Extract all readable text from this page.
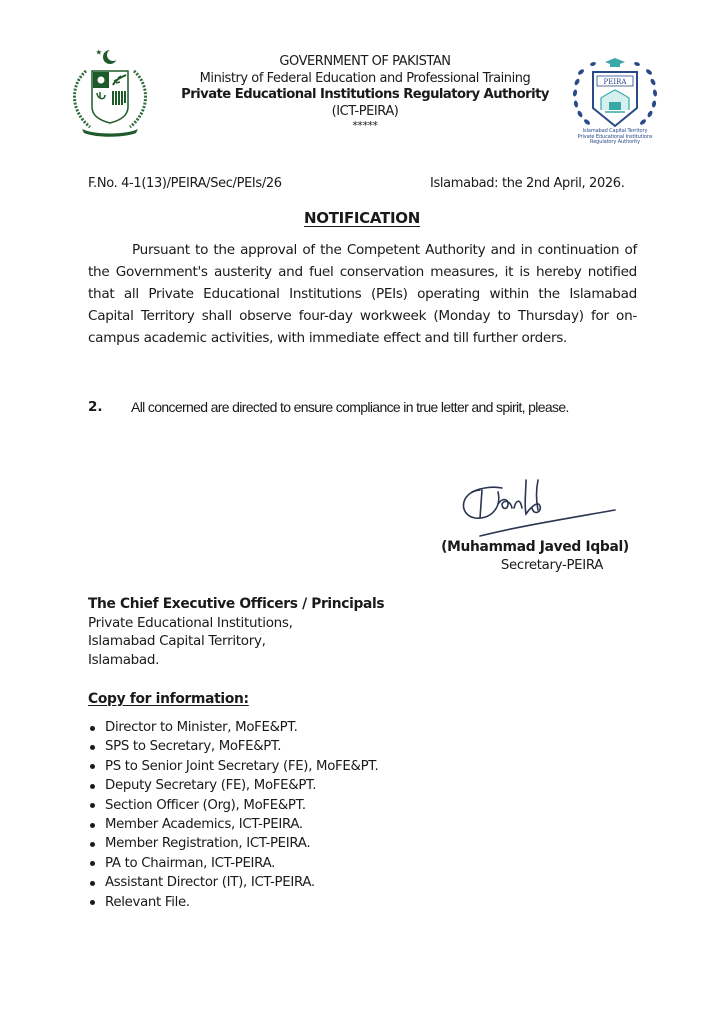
GOVERNMENT OF PAKISTAN
Ministry of Federal Education and Professional Training
Private Educational Institutions Regulatory Authority
(ICT-PEIRA)
*****
PEIRA
Islamabad Capital Territory
Private Educational Institutions
Regulatory Authority
F.No. 4-1(13)/PEIRA/Sec/PEIs/26	Islamabad: the 2nd April, 2026.
NOTIFICATION
Pursuant to the approval of the Competent Authority and in continuation of the Government's austerity and fuel conservation measures, it is hereby notified that all Private Educational Institutions (PEIs) operating within the Islamabad Capital Territory shall observe four-day workweek (Monday to Thursday) for on-campus academic activities, with immediate effect and till further orders.
2. All concerned are directed to ensure compliance in true letter and spirit, please.
(Muhammad Javed Iqbal)
Secretary-PEIRA
The Chief Executive Officers / Principals
Private Educational Institutions,
Islamabad Capital Territory,
Islamabad.
Copy for information:
Director to Minister, MoFE&PT.
SPS to Secretary, MoFE&PT.
PS to Senior Joint Secretary (FE), MoFE&PT.
Deputy Secretary (FE), MoFE&PT.
Section Officer (Org), MoFE&PT.
Member Academics, ICT-PEIRA.
Member Registration, ICT-PEIRA.
PA to Chairman, ICT-PEIRA.
Assistant Director (IT), ICT-PEIRA.
Relevant File.
